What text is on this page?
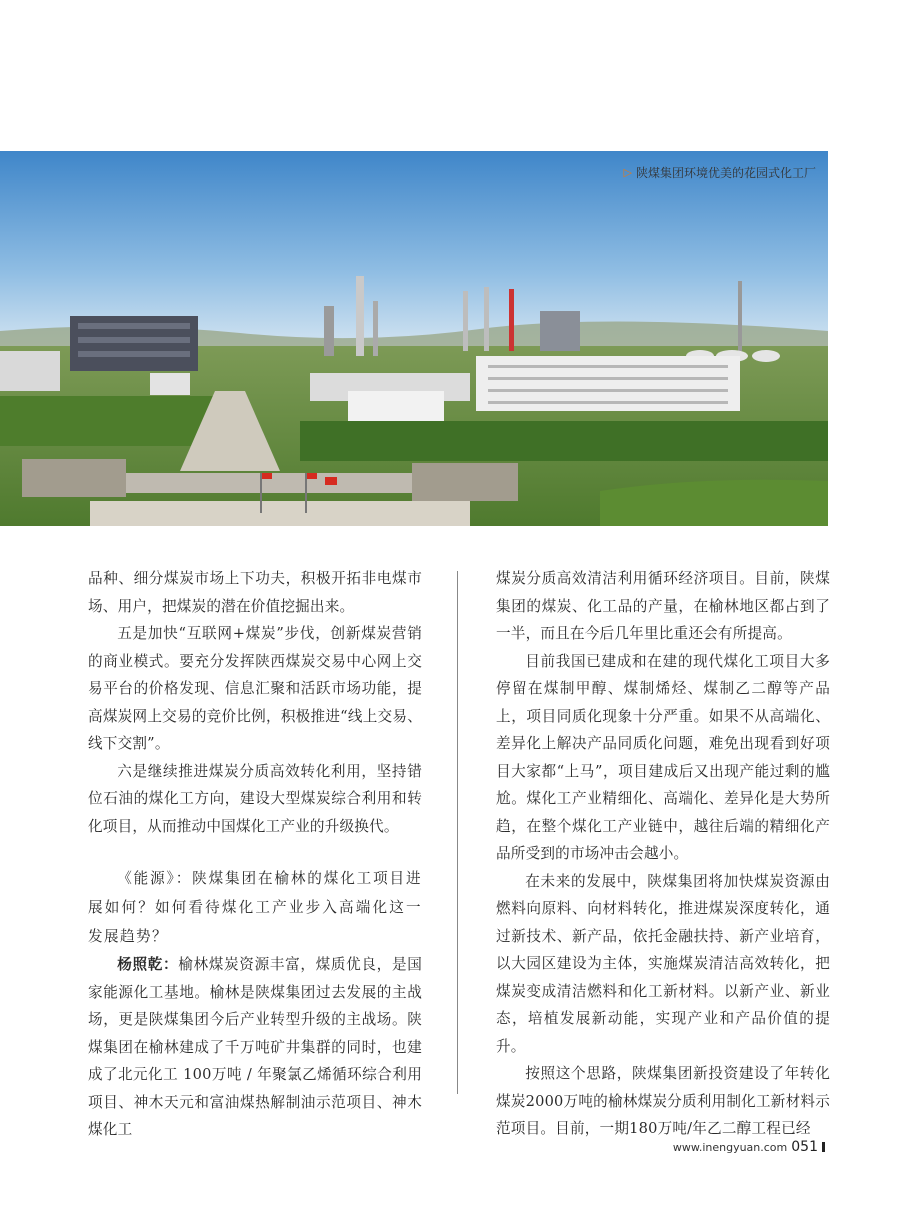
▷ 陕煤集团环境优美的花园式化工厂

品种、细分煤炭市场上下功夫，积极开拓非电煤市场、用户，把煤炭的潜在价值挖掘出来。

五是加快“互联网+煤炭”步伐，创新煤炭营销的商业模式。要充分发挥陕西煤炭交易中心网上交易平台的价格发现、信息汇聚和活跃市场功能，提高煤炭网上交易的竞价比例，积极推进“线上交易、线下交割”。

六是继续推进煤炭分质高效转化利用，坚持错位石油的煤化工方向，建设大型煤炭综合利用和转化项目，从而推动中国煤化工产业的升级换代。

《能源》：陕煤集团在榆林的煤化工项目进展如何？如何看待煤化工产业步入高端化这一发展趋势？

杨照乾：榆林煤炭资源丰富，煤质优良，是国家能源化工基地。榆林是陕煤集团过去发展的主战场，更是陕煤集团今后产业转型升级的主战场。陕煤集团在榆林建成了千万吨矿井集群的同时，也建成了北元化工 100万吨 / 年聚氯乙烯循环综合利用项目、神木天元和富油煤热解制油示范项目、神木煤化工

煤炭分质高效清洁利用循环经济项目。目前，陕煤集团的煤炭、化工品的产量，在榆林地区都占到了一半，而且在今后几年里比重还会有所提高。

目前我国已建成和在建的现代煤化工项目大多停留在煤制甲醇、煤制烯烃、煤制乙二醇等产品上，项目同质化现象十分严重。如果不从高端化、差异化上解决产品同质化问题，难免出现看到好项目大家都“上马”，项目建成后又出现产能过剩的尴尬。煤化工产业精细化、高端化、差异化是大势所趋，在整个煤化工产业链中，越往后端的精细化产品所受到的市场冲击会越小。

在未来的发展中，陕煤集团将加快煤炭资源由燃料向原料、向材料转化，推进煤炭深度转化，通过新技术、新产品，依托金融扶持、新产业培育，以大园区建设为主体，实施煤炭清洁高效转化，把煤炭变成清洁燃料和化工新材料。以新产业、新业态，培植发展新动能，实现产业和产品价值的提升。

按照这个思路，陕煤集团新投资建设了年转化煤炭2000万吨的榆林煤炭分质利用制化工新材料示范项目。目前，一期180万吨/年乙二醇工程已经

www.inengyuan.com 051
